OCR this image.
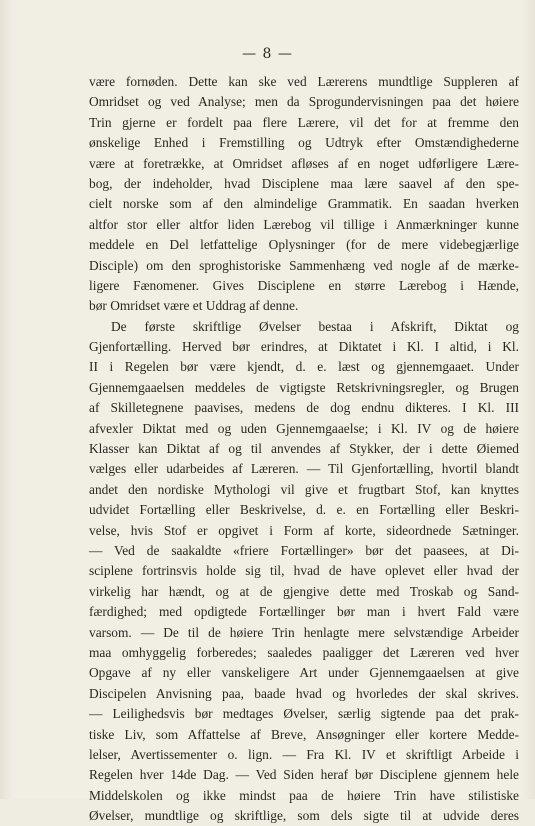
— 8 —
være fornøden. Dette kan ske ved Lærerens mundtlige Suppleren af
Omridset og ved Analyse; men da Sprogundervisningen paa det høiere
Trin gjerne er fordelt paa flere Lærere, vil det for at fremme den
ønskelige Enhed i Fremstilling og Udtryk efter Omstændighederne
være at foretrække, at Omridset afløses af en noget udførligere Lære-
bog, der indeholder, hvad Disciplene maa lære saavel af den spe-
cielt norske som af den almindelige Grammatik. En saadan hverken
altfor stor eller altfor liden Lærebog vil tillige i Anmærkninger kunne
meddele en Del letfattelige Oplysninger (for de mere videbegjærlige
Disciple) om den sproghistoriske Sammenhæng ved nogle af de mærke-
ligere Fænomener. Gives Disciplene en større Lærebog i Hænde,
bør Omridset være et Uddrag af denne.
De første skriftlige Øvelser bestaa i Afskrift, Diktat og
Gjenfortælling. Herved bør erindres, at Diktatet i Kl. I altid, i Kl.
II i Regelen bør være kjendt, d. e. læst og gjennemgaaet. Under
Gjennemgaaelsen meddeles de vigtigste Retskrivningsregler, og Brugen
af Skilletegnene paavises, medens de dog endnu dikteres. I Kl. III
afvexler Diktat med og uden Gjennemgaaelse; i Kl. IV og de høiere
Klasser kan Diktat af og til anvendes af Stykker, der i dette Øiemed
vælges eller udarbeides af Læreren. — Til Gjenfortælling, hvortil blandt
andet den nordiske Mythologi vil give et frugtbart Stof, kan knyttes
udvidet Fortælling eller Beskrivelse, d. e. en Fortælling eller Beskri-
velse, hvis Stof er opgivet i Form af korte, sideordnede Sætninger.
— Ved de saakaldte «friere Fortællinger» bør det paasees, at Di-
sciplene fortrinsvis holde sig til, hvad de have oplevet eller hvad der
virkelig har hændt, og at de gjengive dette med Troskab og Sand-
færdighed; med opdigtede Fortællinger bør man i hvert Fald være
varsom. — De til de høiere Trin henlagte mere selvstændige Arbeider
maa omhyggelig forberedes; saaledes paaligger det Læreren ved hver
Opgave af ny eller vanskeligere Art under Gjennemgaaelsen at give
Discipelen Anvisning paa, baade hvad og hvorledes der skal skrives.
— Leilighedsvis bør medtages Øvelser, særlig sigtende paa det prak-
tiske Liv, som Affattelse af Breve, Ansøgninger eller kortere Medde-
lelser, Avertissementer o. lign. — Fra Kl. IV et skriftligt Arbeide i
Regelen hver 14de Dag. — Ved Siden heraf bør Disciplene gjennem hele
Middelskolen og ikke mindst paa de høiere Trin have stilistiske
Øvelser, mundtlige og skriftlige, som dels sigte til at udvide deres
